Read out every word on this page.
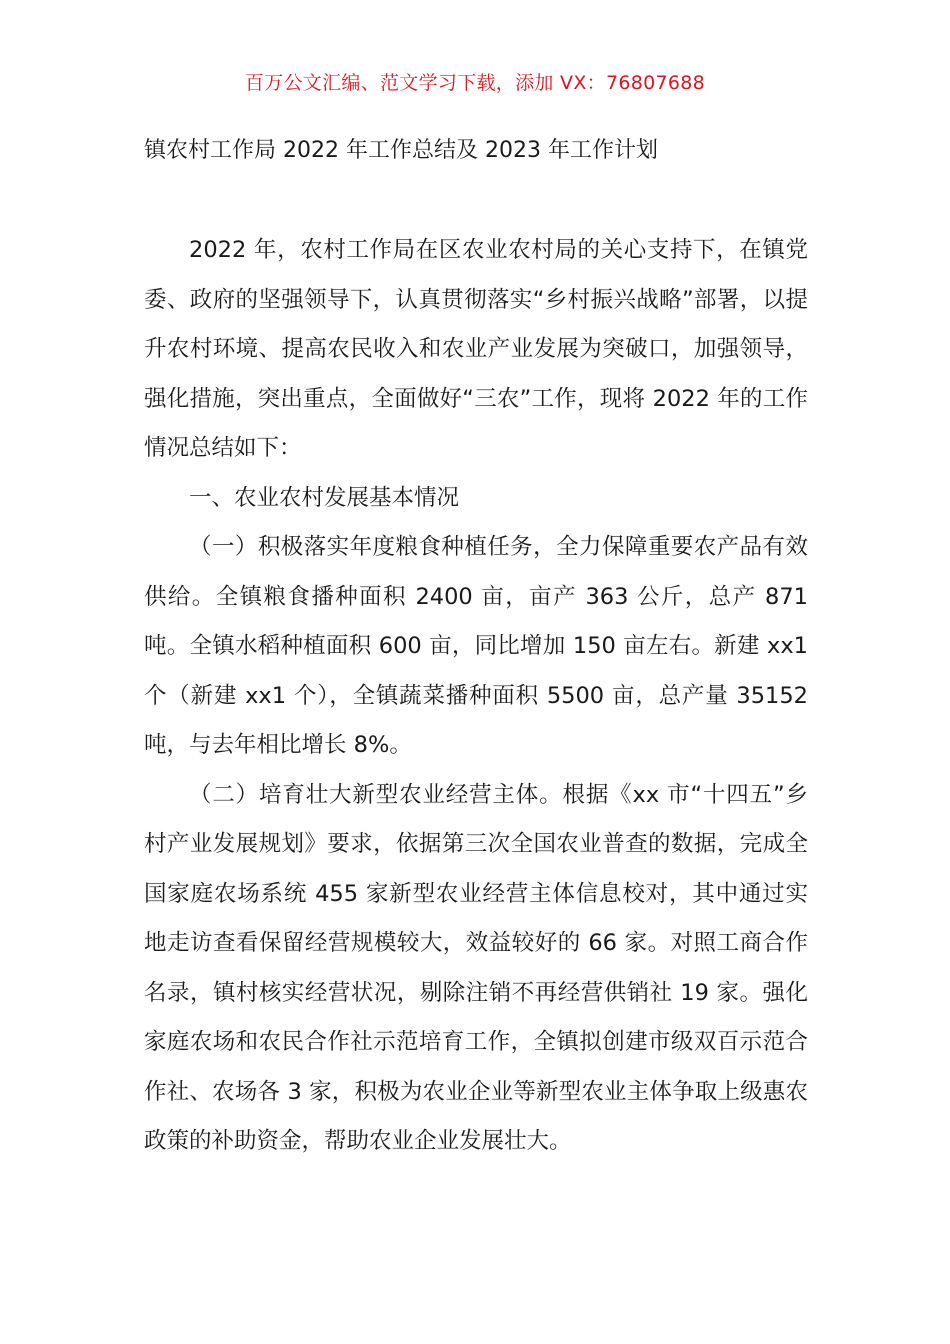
百万公文汇编、范文学习下载，添加 VX：76807688
镇农村工作局 2022 年工作总结及 2023 年工作计划

2022 年，农村工作局在区农业农村局的关心支持下，在镇党委、政府的坚强领导下，认真贯彻落实“乡村振兴战略”部署，以提升农村环境、提高农民收入和农业产业发展为突破口，加强领导，强化措施，突出重点，全面做好“三农”工作，现将 2022 年的工作情况总结如下：

一、农业农村发展基本情况

（一）积极落实年度粮食种植任务，全力保障重要农产品有效供给。全镇粮食播种面积 2400 亩，亩产 363 公斤，总产 871 吨。全镇水稻种植面积 600 亩，同比增加 150 亩左右。新建 xx1 个（新建 xx1 个），全镇蔬菜播种面积 5500 亩，总产量 35152 吨，与去年相比增长 8%。

（二）培育壮大新型农业经营主体。根据《xx 市“十四五”乡村产业发展规划》要求，依据第三次全国农业普查的数据，完成全国家庭农场系统 455 家新型农业经营主体信息校对，其中通过实地走访查看保留经营规模较大，效益较好的 66 家。对照工商合作名录，镇村核实经营状况，剔除注销不再经营供销社 19 家。强化家庭农场和农民合作社示范培育工作，全镇拟创建市级双百示范合作社、农场各 3 家，积极为农业企业等新型农业主体争取上级惠农政策的补助资金，帮助农业企业发展壮大。
